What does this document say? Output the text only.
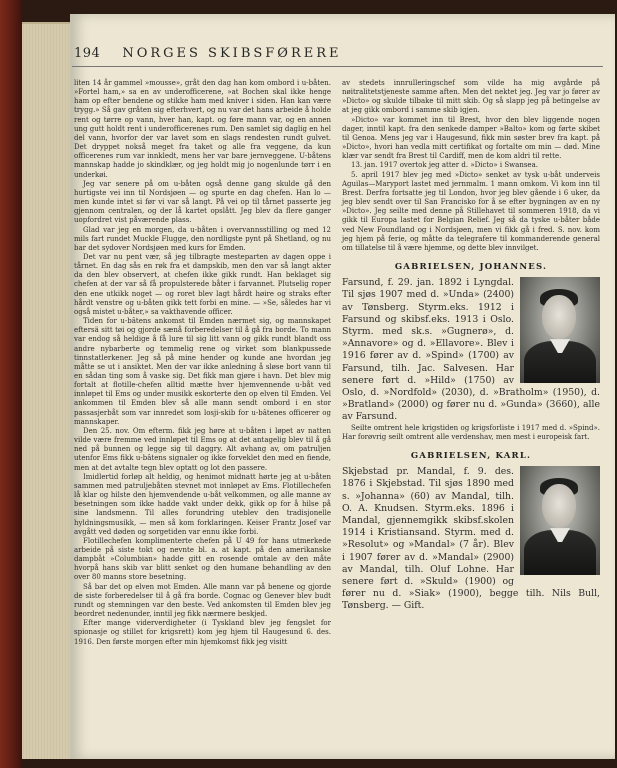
194 NORGES SKIBSFØRERE

liten 14 år gammel »mousse», gråt den dag han kom ombord i u-båten. »Fortel ham,» sa en av underofficerene, »at Bochen skal ikke henge ham op efter bendene og stikke ham med kniver i siden. Han kan være trygg.» Så gav gråten sig efterhvert, og nu var det hans arbeide å holde rent og tørre op vann, hver han, kapt. og føre mann var, og en annen ung gutt holdt rent i underofficerenes rum. Den samlet sig daglig en hel del vann, hvorfor der var lavet som en slags rendesten rundt gulvet. Det dryppet nokså meget fra taket og alle fra veggene, da kun officerenes rum var innkledt, mens her var bare jernveggene. U-båtens mannskap hadde jo skindklær, og jeg holdt mig jo nogenlunde tørr i en underkøi.

Jeg var senere på om u-båten også denne gang skulde gå den hurtigste vei inn til Nordsjøen — og spurte en dag chefen. Han lo — men kunde intet si før vi var så langt. På vei op til tårnet passerte jeg gjennom centralen, og der lå kartet opslått. Jeg blev da flere ganger uopfordret vist påværende plass.

Glad var jeg en morgen, da u-båten i overvannsstilling og med 12 mils fart rundet Muckle Flugge, den nordligste pynt på Shetland, og nu bar det sydover Nordsjøen med kurs for Emden.

Det var nu pent vær, så jeg tilbragte mesteparten av dagen oppe i tårnet. En dag sås en røk fra et dampskib, men den var så langt akter da den blev observert, at chefen ikke gikk rundt. Han beklaget sig chefen at der var så få propulsterede båter i farvannet. Plutselig roper den ene utkikk noget — og roret blev lagt hårdt høire og straks efter hårdt venstre og u-båten gikk tett forbi en mine. — »Se, således har vi også mistet u-båter,» sa vakthavende officer.

Tiden for u-bâtens ankomst til Emden nærmet sig, og mannskapet eftersä sitt tøi og gjorde sænå forberedelser til å gå fra borde. To mann var endog så heldige å få lure til sig litt vann og gikk rundt blandt oss andre nybarberte og temmelig rene og virket som blankpussede tinnstatlerkener. Jeg så på mine hender og kunde ane hvordan jeg måtte se ut i ansiktet. Men der var ikke anledning å sløse bort vann til en sådan ting som å vaske sig. Det fikk man gjøre i havn. Det blev mig fortalt at flotille-chefen alltid mætte hver hjemvennende u-båt ved innløpet til Ems og under musikk eskorterte den op elven til Emden. Vel ankommen til Emden blev så alle mann sendt ombord i en stor passasjerbåt som var innredet som losji-skib for u-bâtenes officerer og mannskaper.

Den 25. nov. Om efterm. fikk jeg høre at u-båten i løpet av natten vilde være fremme ved innløpet til Ems og at det antagelig blev til å gå ned på bunnen og legge sig til daggry. Alt avhang av, om patruljen utenfor Ems fikk u-bâtens signaler og ikke forveklet den med en fiende, men at det avtalte tegn blev optatt og lot den passere.

Imidlertid forløp alt heldig, og henimot midnatt hørte jeg at u-båten sammen med patruljebåten stevnet mot innløpet av Ems. Flotillechefen lå klar og hilste den hjemvendende u-båt velkommen, og alle manne av besetningen som ikke hadde vakt under dekk, gikk op for å hilse på sine landsmenn. Til alles forundring uteblev den tradisjonelle hyldningsmusikk, — men så kom forklaringen. Keiser Frantz Josef var avgått ved døden og sorgetiden var ennu ikke forbi.

Flotillechefen komplimenterte chefen på U 49 for hans utmerkede arbeide på siste tokt og nevnte bl. a. at kapt. på den amerikanske dampbåt »Columbian» hadde gitt en rosende omtale av den måte hvorpå hans skib var blitt senket og den humane behandling av den over 80 manns store besetning.

Så bar det op elven mot Emden. Alle mann var på benene og gjorde de siste forberedelser til å gå fra borde. Cognac og Genever blev budt rundt og stemningen var den beste. Ved ankomsten til Emden blev jeg beordret nedenunder, inntil jeg fikk nærmere beskjed.

Efter mange viderverdigheter (i Tyskland blev jeg fengslet for spionasje og stillet for krigsrett) kom jeg hjem til Haugesund 6. des. 1916. Den første morgen efter min hjemkomst fikk jeg visitt

av stedets innrulleringschef som vilde ha mig avgårde på nøitralitetstjeneste samme aften. Men det nektet jeg. Jeg var jo fører av »Dicto» og skulde tilbake til mitt skib. Og så slapp jeg på betingelse av at jeg gikk ombord i samme skib igjen.

»Dicto» var kommet inn til Brest, hvor den blev liggende nogen dager, inntil kapt. fra den senkede damper »Balto» kom og førte skibet til Genoa. Mens jeg var i Haugesund, fikk min søster brev fra kapt. på »Dicto», hvori han vedla mitt certifikat og fortalte om min — død. Mine klær var sendt fra Brest til Cardiff, men de kom aldri til rette.

13. jan. 1917 overtok jeg atter d. »Dicto» i Swansea.

5. april 1917 blev jeg med »Dicto» senket av tysk u-båt underveis Aguilas—Maryport lastet med jernmalm. 1 mann omkom. Vi kom inn til Brest. Derfra fortsatte jeg til London, hvor jeg blev gående i 6 uker, da jeg blev sendt over til San Francisko for å se efter bygningen av en ny »Dicto». Jeg seilte med denne på Stillehavet til sommeren 1918, da vi gikk til Europa lastet for Belgian Relief. Jeg så da tyske u-båter både ved New Foundland og i Nordsjøen, men vi fikk gå i fred. S. nov. kom jeg hjem på ferie, og måtte da telegrafere til kommanderende general om tillatelse til å være hjemme, og dette blev innvilget.

GABRIELSEN, JOHANNES.

Farsund, f. 29. jan. 1892 i Lyngdal. Til sjøs 1907 med d. »Unda» (2400) av Tønsberg. Styrm.eks. 1912 i Farsund og skibsf.eks. 1913 i Oslo. Styrm. med sk.s. »Gugnerø», d. »Annavore» og d. »Ellavore». Blev i 1916 fører av d. »Spind» (1700) av Farsund, tilh. Jac. Salvesen. Har senere ført d. »Hild» (1750) av Oslo, d. »Nordfold» (2030), d. »Bratholm» (1950), d. »Bratland» (2000) og fører nu d. »Gunda» (3660), alle av Farsund.

Seilte omtrent hele krigstiden og krigsforliste i 1917 med d. »Spind». Har forøvrig seilt omtrent alle verdenshav, men mest i europeisk fart.

GABRIELSEN, KARL.

Skjebstad pr. Mandal, f. 9. des. 1876 i Skjebstad. Til sjøs 1890 med s. »Johanna» (60) av Mandal, tilh. O. A. Knudsen. Styrm.eks. 1896 i Mandal, gjennemgikk skibsf.skolen 1914 i Kristiansand. Styrm. med d. »Resolut» og »Mandal» (7 år). Blev i 1907 fører av d. »Mandal» (2900) av Mandal, tilh. Oluf Lohne. Har senere ført d. »Skuld» (1900) og fører nu d. »Siak» (1900), begge tilh. Nils Bull, Tønsberg. — Gift.
